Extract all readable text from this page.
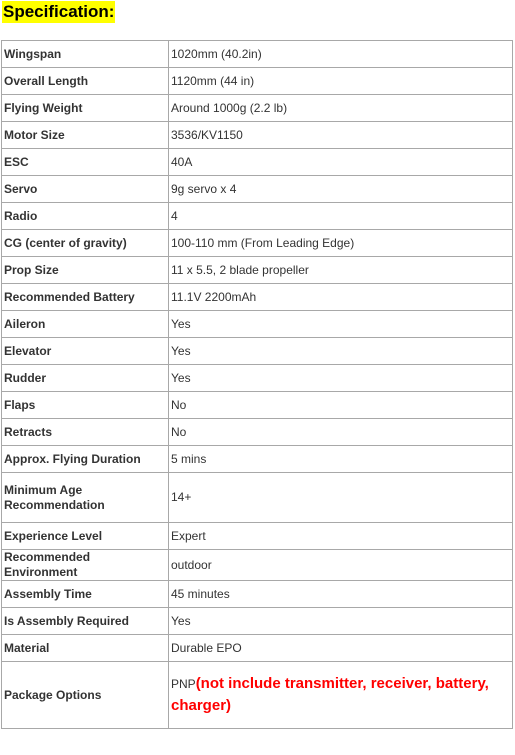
Specification:
Wingspan	1020mm (40.2in)
Overall Length	1120mm (44 in)
Flying Weight	Around 1000g (2.2 lb)
Motor Size	3536/KV1150
ESC	40A
Servo	9g servo x 4
Radio	4
CG (center of gravity)	100-110 mm (From Leading Edge)
Prop Size	11 x 5.5, 2 blade propeller
Recommended Battery	11.1V 2200mAh
Aileron	Yes
Elevator	Yes
Rudder	Yes
Flaps	No
Retracts	No
Approx. Flying Duration	5 mins
Minimum Age Recommendation	14+
Experience Level	Expert
Recommended Environment	outdoor
Assembly Time	45 minutes
Is Assembly Required	Yes
Material	Durable EPO
Package Options	PNP(not include transmitter, receiver, battery, charger)
